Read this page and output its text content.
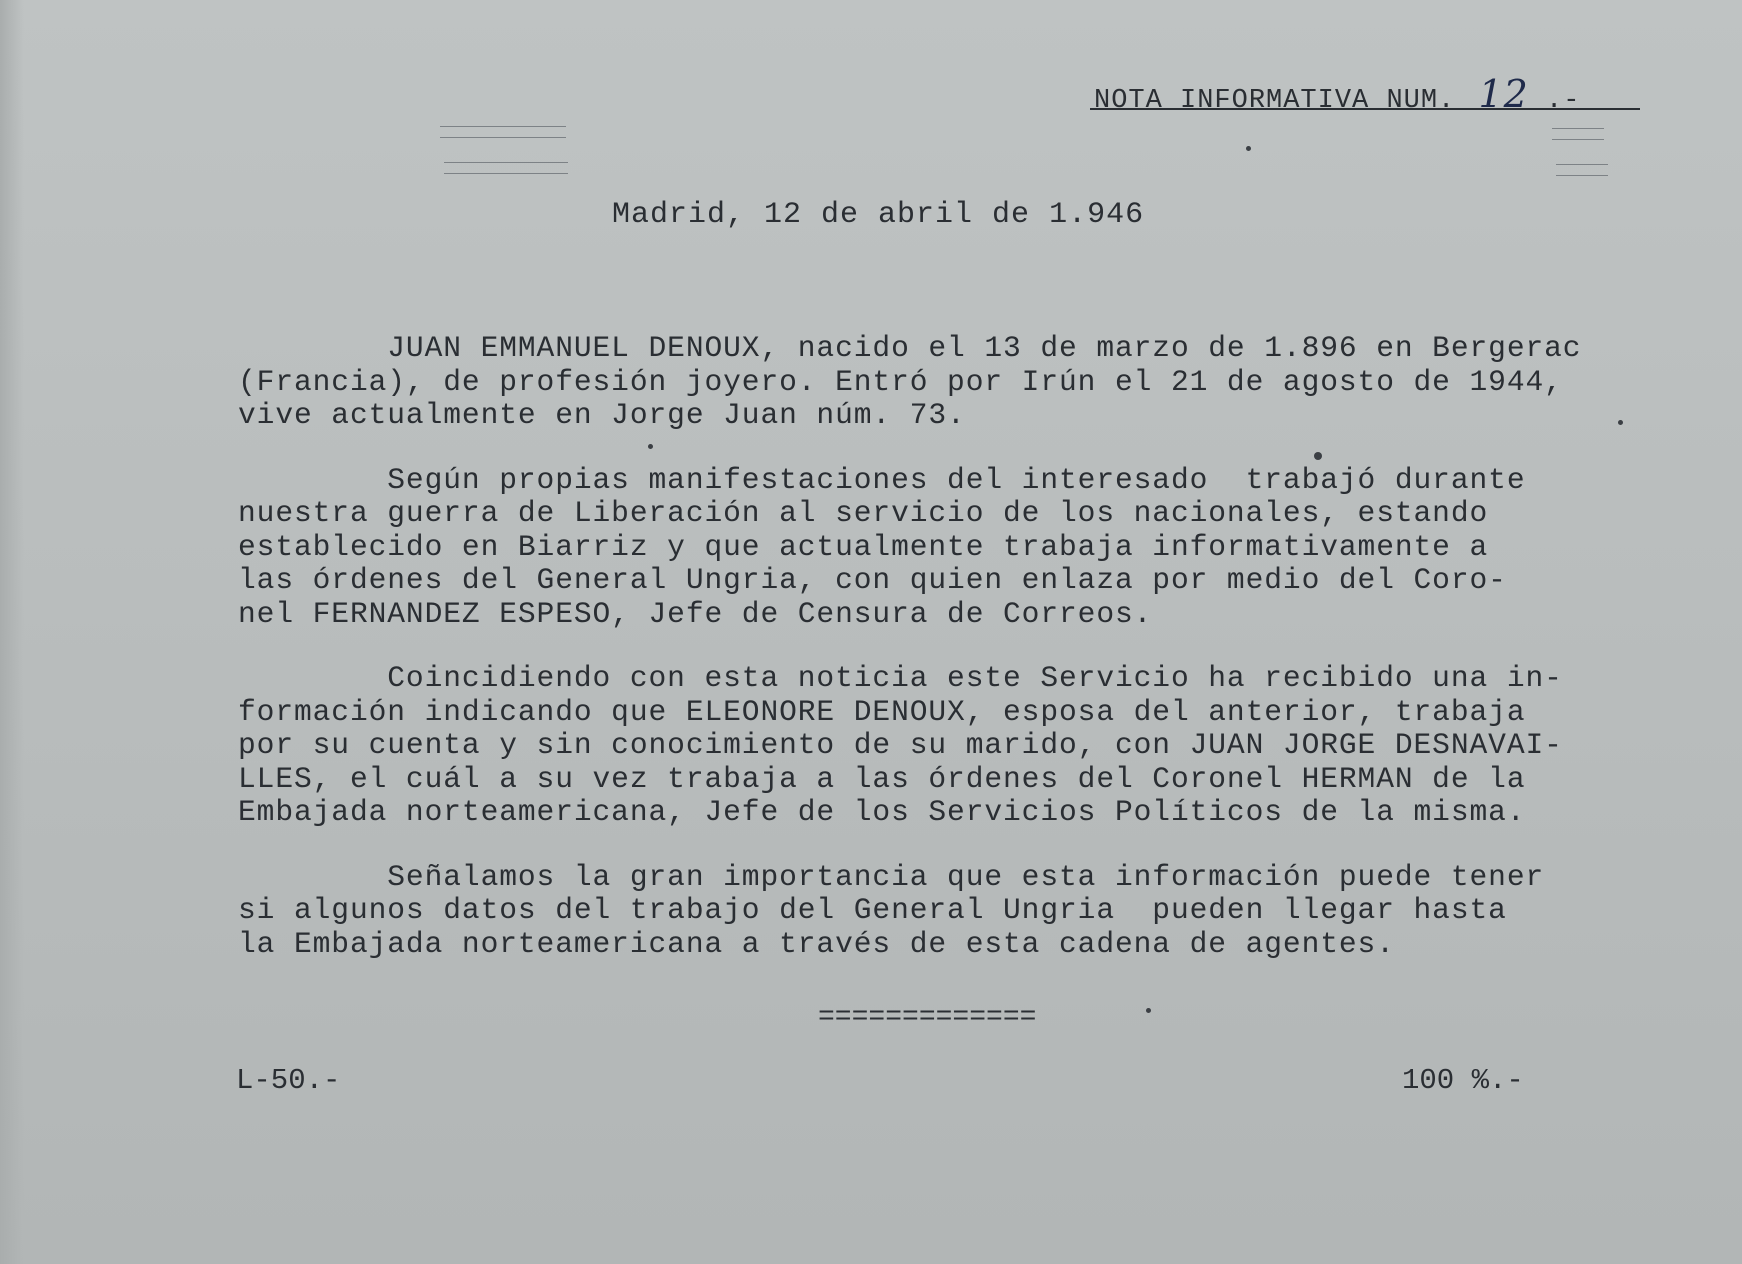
NOTA INFORMATIVA NUM. 12 .-
Madrid, 12 de abril de 1.946

JUAN EMMANUEL DENOUX, nacido el 13 de marzo de 1.896 en Bergerac
(Francia), de profesión joyero. Entró por Irún el 21 de agosto de 1944,
vive actualmente en Jorge Juan núm. 73.

Según propias manifestaciones del interesado  trabajó durante
nuestra guerra de Liberación al servicio de los nacionales, estando
establecido en Biarriz y que actualmente trabaja informativamente a
las órdenes del General Ungria, con quien enlaza por medio del Coro-
nel FERNANDEZ ESPESO, Jefe de Censura de Correos.

Coincidiendo con esta noticia este Servicio ha recibido una in-
formación indicando que ELEONORE DENOUX, esposa del anterior, trabaja
por su cuenta y sin conocimiento de su marido, con JUAN JORGE DESNAVAI-
LLES, el cuál a su vez trabaja a las órdenes del Coronel HERMAN de la
Embajada norteamericana, Jefe de los Servicios Políticos de la misma.

Señalamos la gran importancia que esta información puede tener
si algunos datos del trabajo del General Ungria  pueden llegar hasta
la Embajada norteamericana a través de esta cadena de agentes.

=============
L-50.-	100 %.-
